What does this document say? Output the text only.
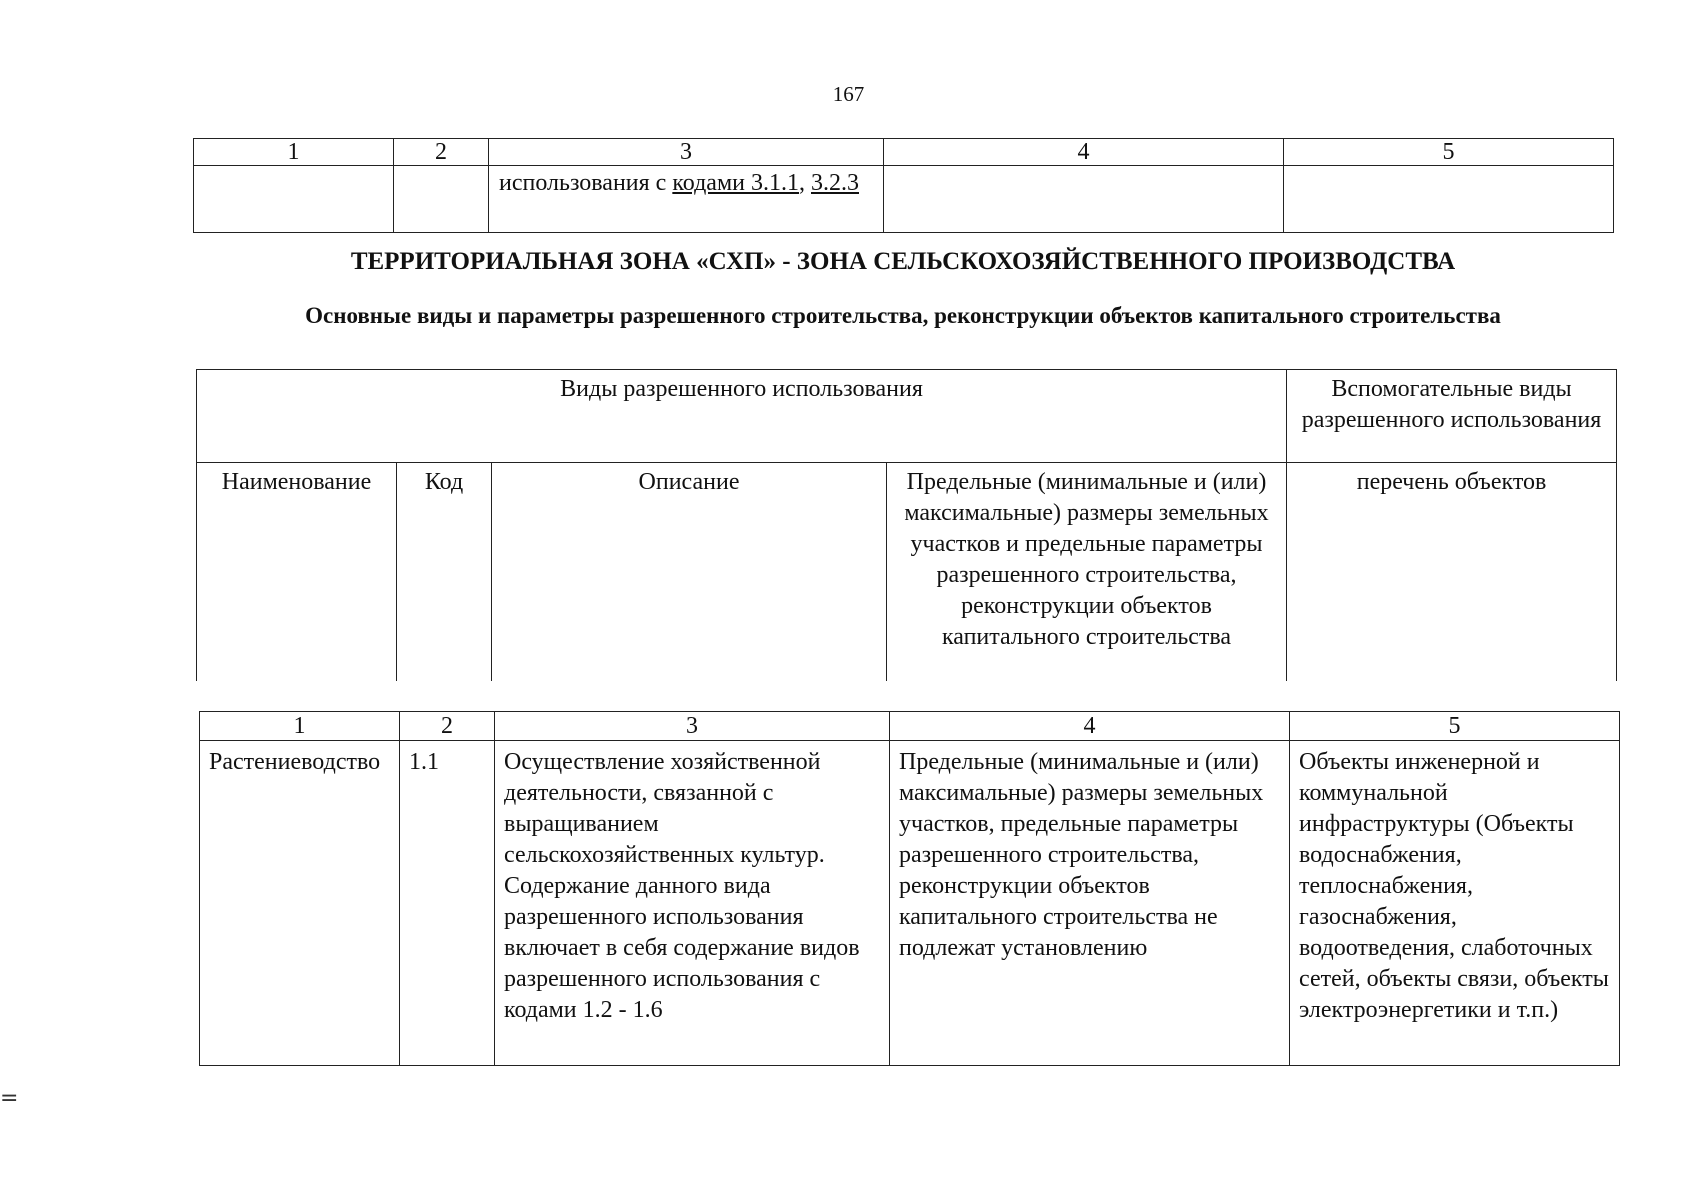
167
1	2	3	4	5
		использования с кодами 3.1.1, 3.2.3		
ТЕРРИТОРИАЛЬНАЯ ЗОНА «СХП» - ЗОНА СЕЛЬСКОХОЗЯЙСТВЕННОГО ПРОИЗВОДСТВА
Основные виды и параметры разрешенного строительства, реконструкции объектов капитального строительства
Виды разрешенного использования				Вспомогательные виды разрешенного использования
Наименование	Код	Описание	Предельные (минимальные и (или) максимальные) размеры земельных участков и предельные параметры разрешенного строительства, реконструкции объектов капитального строительства	перечень объектов
1	2	3	4	5
Растениеводство	1.1	Осуществление хозяйственной деятельности, связанной с выращиванием сельскохозяйственных культур. Содержание данного вида разрешенного использования включает в себя содержание видов разрешенного использования с кодами 1.2 - 1.6	Предельные (минимальные и (или) максимальные) размеры земельных участков, предельные параметры разрешенного строительства, реконструкции объектов капитального строительства не подлежат установлению	Объекты инженерной и коммунальной инфраструктуры (Объекты водоснабжения, теплоснабжения, газоснабжения, водоотведения, слаботочных сетей, объекты связи, объекты электроэнергетики и т.п.)
=
